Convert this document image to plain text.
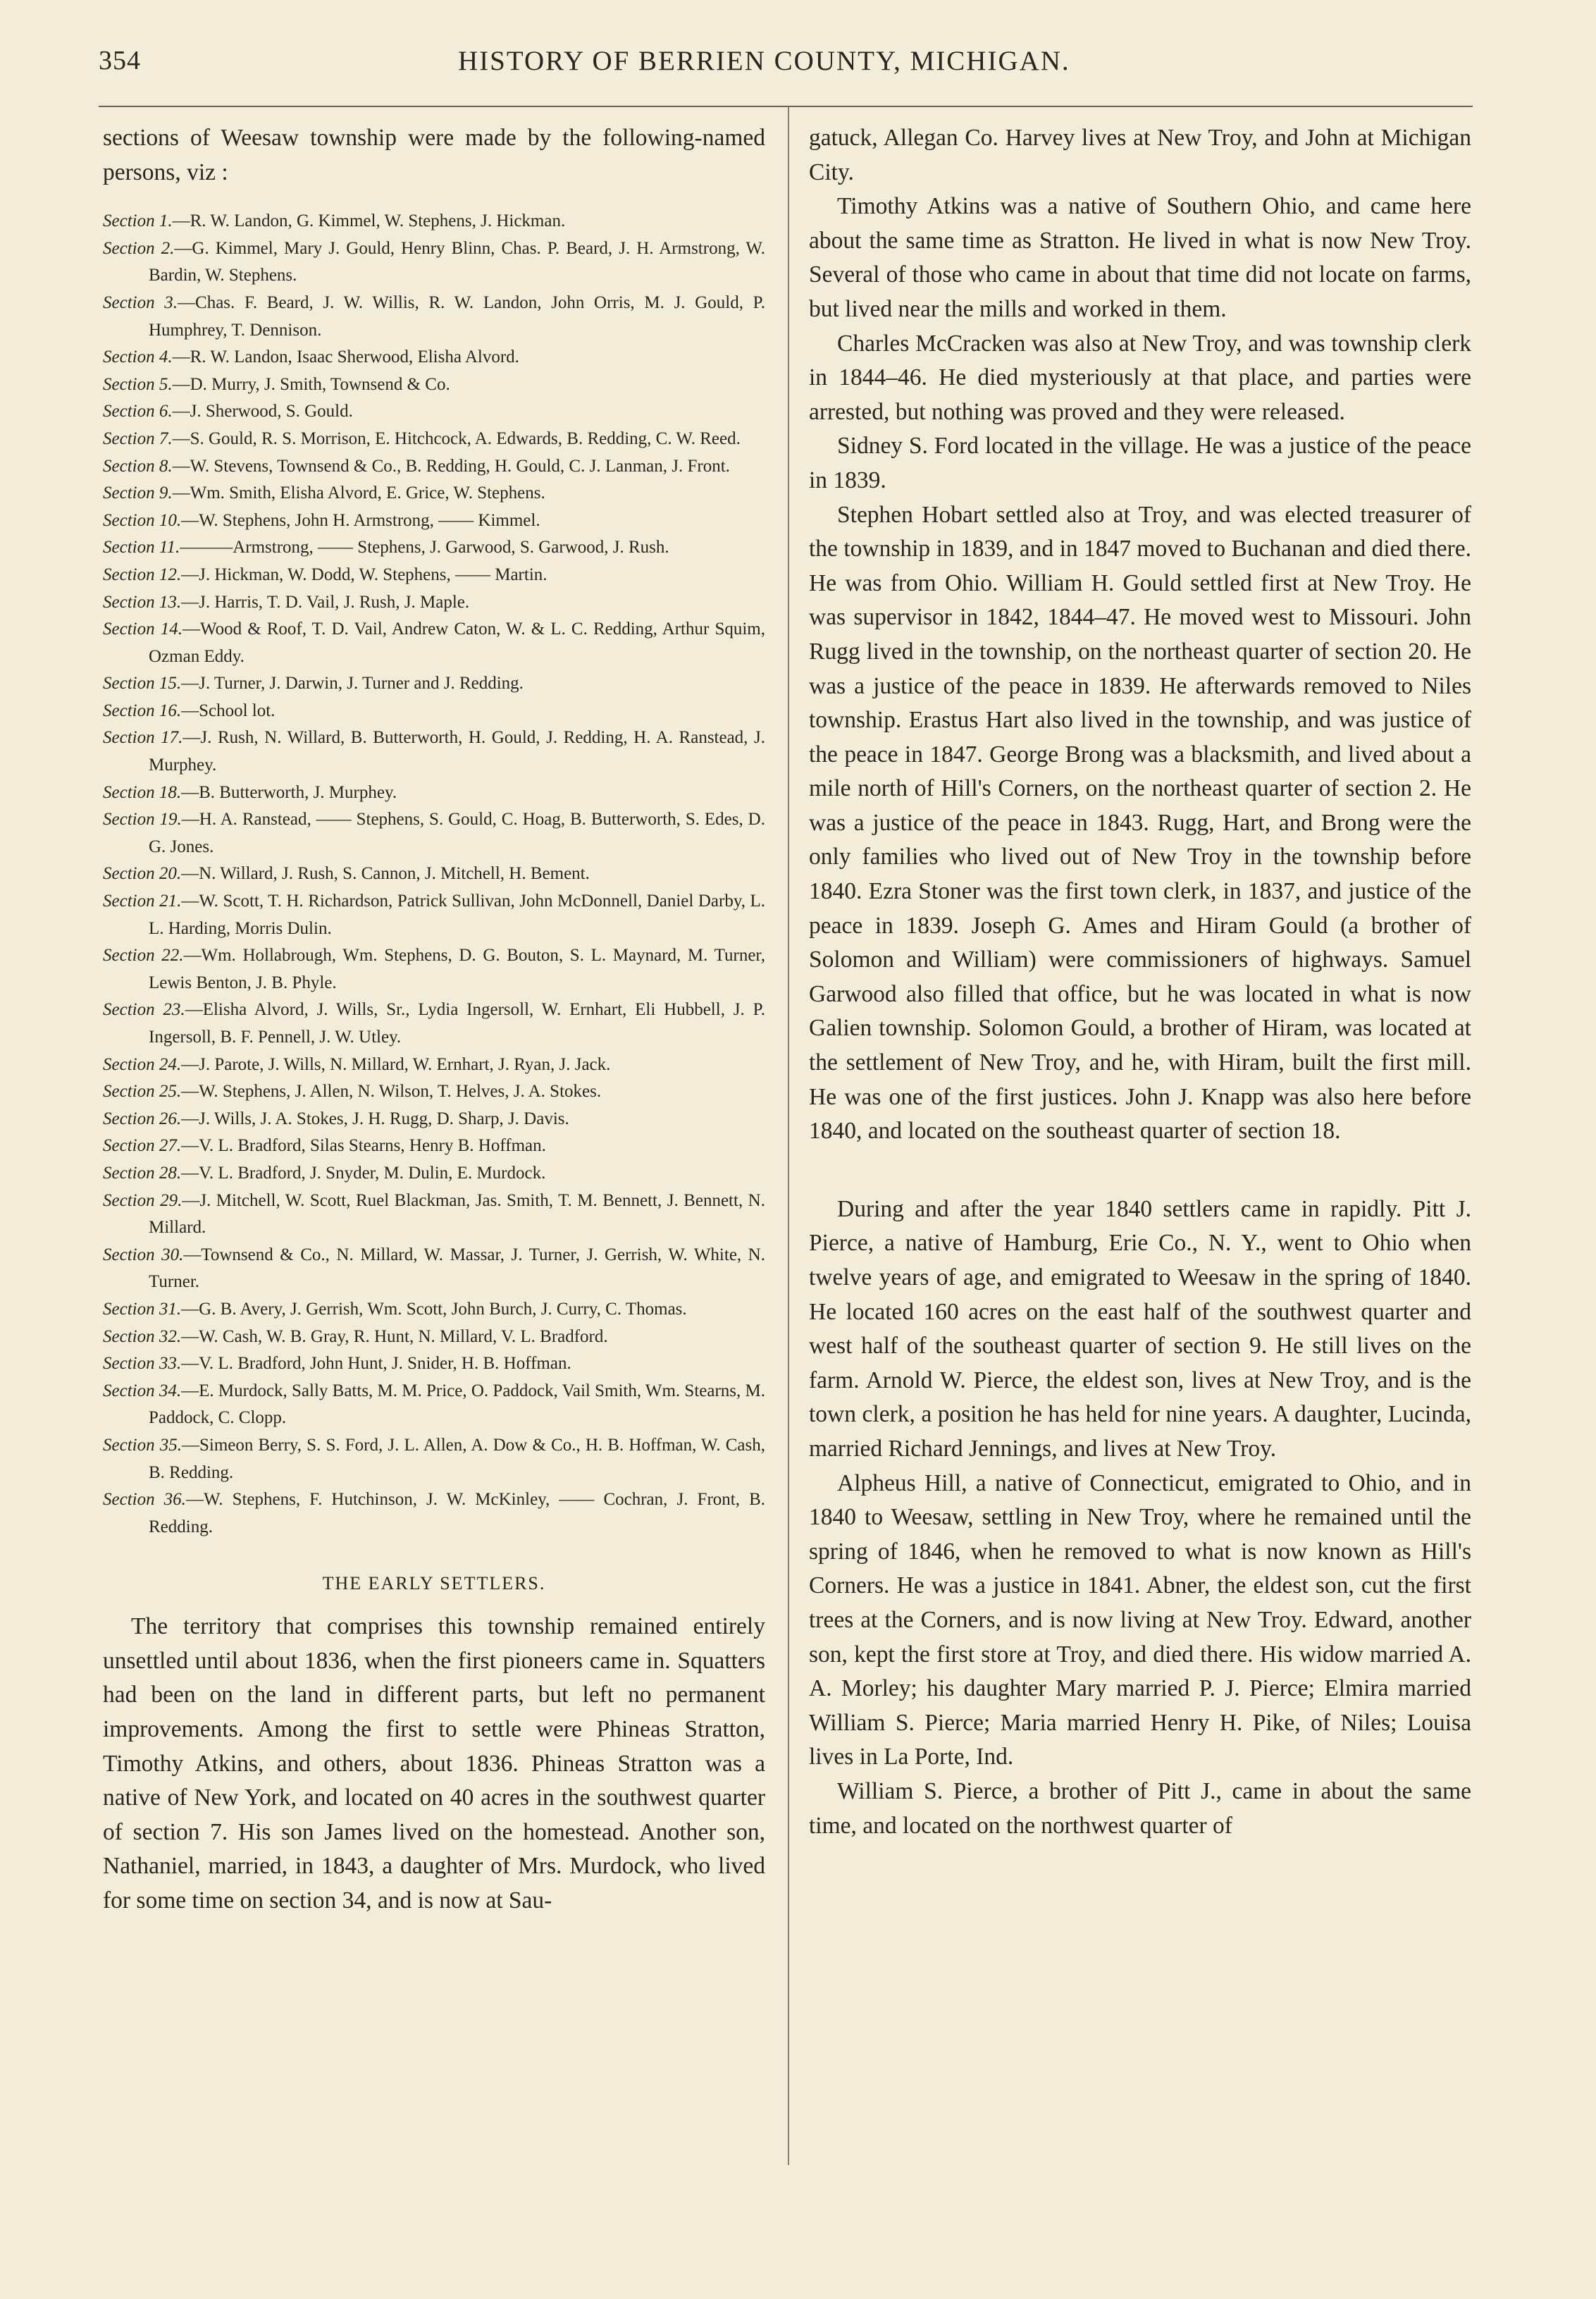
354	HISTORY OF BERRIEN COUNTY, MICHIGAN.

sections of Weesaw township were made by the following-named persons, viz :

Section 1.—R. W. Landon, G. Kimmel, W. Stephens, J. Hickman.

Section 2.—G. Kimmel, Mary J. Gould, Henry Blinn, Chas. P. Beard, J. H. Armstrong, W. Bardin, W. Stephens.

Section 3.—Chas. F. Beard, J. W. Willis, R. W. Landon, John Orris, M. J. Gould, P. Humphrey, T. Dennison.

Section 4.—R. W. Landon, Isaac Sherwood, Elisha Alvord.

Section 5.—D. Murry, J. Smith, Townsend & Co.

Section 6.—J. Sherwood, S. Gould.

Section 7.—S. Gould, R. S. Morrison, E. Hitchcock, A. Edwards, B. Redding, C. W. Reed.

Section 8.—W. Stevens, Townsend & Co., B. Redding, H. Gould, C. J. Lanman, J. Front.

Section 9.—Wm. Smith, Elisha Alvord, E. Grice, W. Stephens.

Section 10.—W. Stephens, John H. Armstrong, —— Kimmel.

Section 11.———Armstrong, —— Stephens, J. Garwood, S. Garwood, J. Rush.

Section 12.—J. Hickman, W. Dodd, W. Stephens, —— Martin.

Section 13.—J. Harris, T. D. Vail, J. Rush, J. Maple.

Section 14.—Wood & Roof, T. D. Vail, Andrew Caton, W. & L. C. Redding, Arthur Squim, Ozman Eddy.

Section 15.—J. Turner, J. Darwin, J. Turner and J. Redding.

Section 16.—School lot.

Section 17.—J. Rush, N. Willard, B. Butterworth, H. Gould, J. Redding, H. A. Ranstead, J. Murphey.

Section 18.—B. Butterworth, J. Murphey.

Section 19.—H. A. Ranstead, —— Stephens, S. Gould, C. Hoag, B. Butterworth, S. Edes, D. G. Jones.

Section 20.—N. Willard, J. Rush, S. Cannon, J. Mitchell, H. Bement.

Section 21.—W. Scott, T. H. Richardson, Patrick Sullivan, John McDonnell, Daniel Darby, L. L. Harding, Morris Dulin.

Section 22.—Wm. Hollabrough, Wm. Stephens, D. G. Bouton, S. L. Maynard, M. Turner, Lewis Benton, J. B. Phyle.

Section 23.—Elisha Alvord, J. Wills, Sr., Lydia Ingersoll, W. Ernhart, Eli Hubbell, J. P. Ingersoll, B. F. Pennell, J. W. Utley.

Section 24.—J. Parote, J. Wills, N. Millard, W. Ernhart, J. Ryan, J. Jack.

Section 25.—W. Stephens, J. Allen, N. Wilson, T. Helves, J. A. Stokes.

Section 26.—J. Wills, J. A. Stokes, J. H. Rugg, D. Sharp, J. Davis.

Section 27.—V. L. Bradford, Silas Stearns, Henry B. Hoffman.

Section 28.—V. L. Bradford, J. Snyder, M. Dulin, E. Murdock.

Section 29.—J. Mitchell, W. Scott, Ruel Blackman, Jas. Smith, T. M. Bennett, J. Bennett, N. Millard.

Section 30.—Townsend & Co., N. Millard, W. Massar, J. Turner, J. Gerrish, W. White, N. Turner.

Section 31.—G. B. Avery, J. Gerrish, Wm. Scott, John Burch, J. Curry, C. Thomas.

Section 32.—W. Cash, W. B. Gray, R. Hunt, N. Millard, V. L. Bradford.

Section 33.—V. L. Bradford, John Hunt, J. Snider, H. B. Hoffman.

Section 34.—E. Murdock, Sally Batts, M. M. Price, O. Paddock, Vail Smith, Wm. Stearns, M. Paddock, C. Clopp.

Section 35.—Simeon Berry, S. S. Ford, J. L. Allen, A. Dow & Co., H. B. Hoffman, W. Cash, B. Redding.

Section 36.—W. Stephens, F. Hutchinson, J. W. McKinley, —— Cochran, J. Front, B. Redding.

THE EARLY SETTLERS.

The territory that comprises this township remained entirely unsettled until about 1836, when the first pioneers came in. Squatters had been on the land in different parts, but left no permanent improvements. Among the first to settle were Phineas Stratton, Timothy Atkins, and others, about 1836. Phineas Stratton was a native of New York, and located on 40 acres in the southwest quarter of section 7. His son James lived on the homestead. Another son, Nathaniel, married, in 1843, a daughter of Mrs. Murdock, who lived for some time on section 34, and is now at Sau-

gatuck, Allegan Co. Harvey lives at New Troy, and John at Michigan City.

Timothy Atkins was a native of Southern Ohio, and came here about the same time as Stratton. He lived in what is now New Troy. Several of those who came in about that time did not locate on farms, but lived near the mills and worked in them.

Charles McCracken was also at New Troy, and was township clerk in 1844–46. He died mysteriously at that place, and parties were arrested, but nothing was proved and they were released.

Sidney S. Ford located in the village. He was a justice of the peace in 1839.

Stephen Hobart settled also at Troy, and was elected treasurer of the township in 1839, and in 1847 moved to Buchanan and died there. He was from Ohio. William H. Gould settled first at New Troy. He was supervisor in 1842, 1844–47. He moved west to Missouri. John Rugg lived in the township, on the northeast quarter of section 20. He was a justice of the peace in 1839. He afterwards removed to Niles township. Erastus Hart also lived in the township, and was justice of the peace in 1847. George Brong was a blacksmith, and lived about a mile north of Hill's Corners, on the northeast quarter of section 2. He was a justice of the peace in 1843. Rugg, Hart, and Brong were the only families who lived out of New Troy in the township before 1840. Ezra Stoner was the first town clerk, in 1837, and justice of the peace in 1839. Joseph G. Ames and Hiram Gould (a brother of Solomon and William) were commissioners of highways. Samuel Garwood also filled that office, but he was located in what is now Galien township. Solomon Gould, a brother of Hiram, was located at the settlement of New Troy, and he, with Hiram, built the first mill. He was one of the first justices. John J. Knapp was also here before 1840, and located on the southeast quarter of section 18.

During and after the year 1840 settlers came in rapidly. Pitt J. Pierce, a native of Hamburg, Erie Co., N. Y., went to Ohio when twelve years of age, and emigrated to Weesaw in the spring of 1840. He located 160 acres on the east half of the southwest quarter and west half of the southeast quarter of section 9. He still lives on the farm. Arnold W. Pierce, the eldest son, lives at New Troy, and is the town clerk, a position he has held for nine years. A daughter, Lucinda, married Richard Jennings, and lives at New Troy.

Alpheus Hill, a native of Connecticut, emigrated to Ohio, and in 1840 to Weesaw, settling in New Troy, where he remained until the spring of 1846, when he removed to what is now known as Hill's Corners. He was a justice in 1841. Abner, the eldest son, cut the first trees at the Corners, and is now living at New Troy. Edward, another son, kept the first store at Troy, and died there. His widow married A. A. Morley; his daughter Mary married P. J. Pierce; Elmira married William S. Pierce; Maria married Henry H. Pike, of Niles; Louisa lives in La Porte, Ind.

William S. Pierce, a brother of Pitt J., came in about the same time, and located on the northwest quarter of
